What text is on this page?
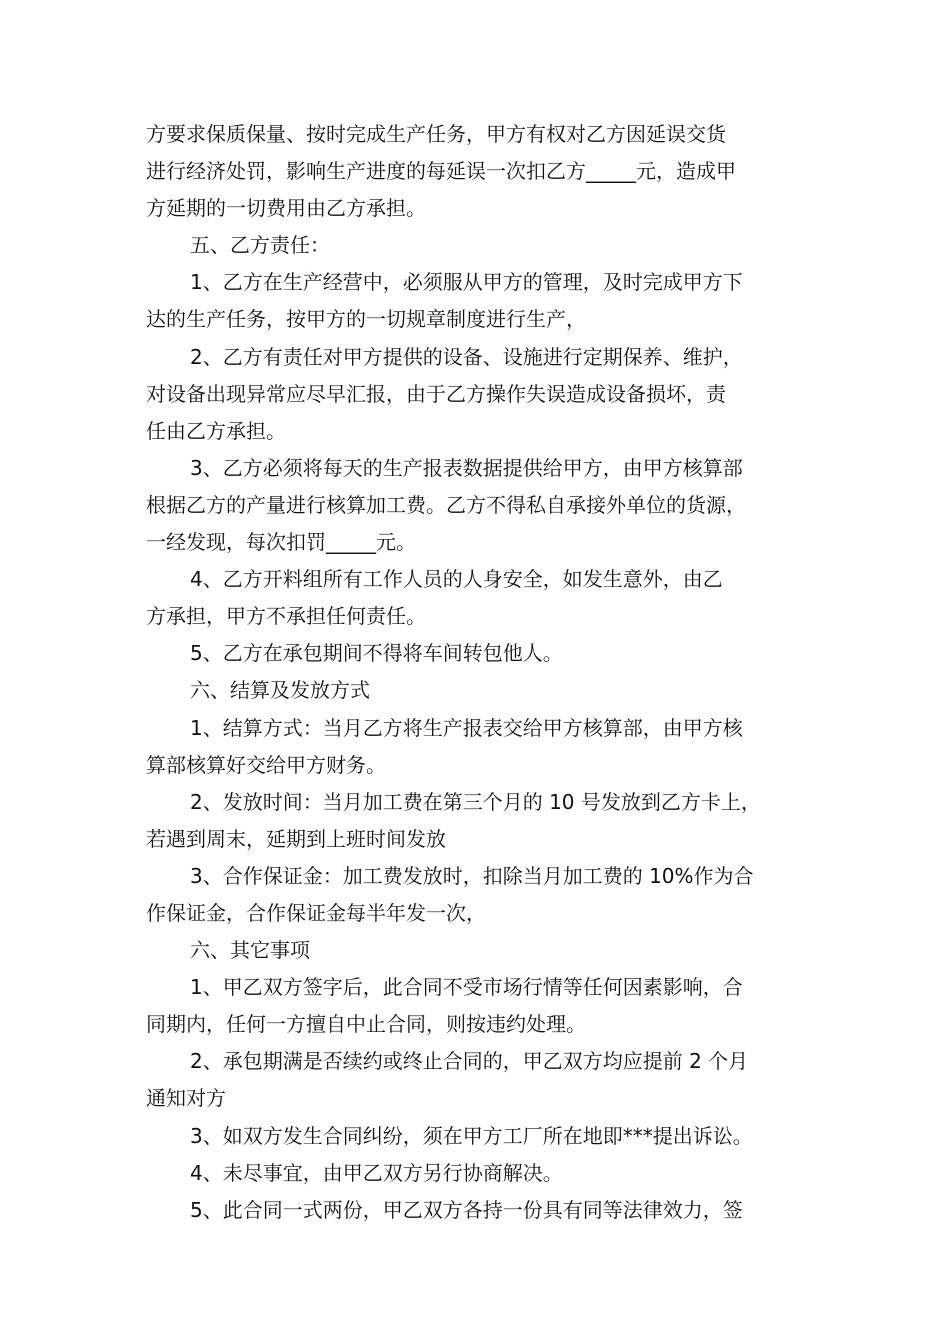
方要求保质保量、按时完成生产任务，甲方有权对乙方因延误交货
进行经济处罚，影响生产进度的每延误一次扣乙方_____元，造成甲
方延期的一切费用由乙方承担。
五、乙方责任：
1、乙方在生产经营中，必须服从甲方的管理，及时完成甲方下
达的生产任务，按甲方的一切规章制度进行生产，
2、乙方有责任对甲方提供的设备、设施进行定期保养、维护，
对设备出现异常应尽早汇报，由于乙方操作失误造成设备损坏，责
任由乙方承担。
3、乙方必须将每天的生产报表数据提供给甲方，由甲方核算部
根据乙方的产量进行核算加工费。乙方不得私自承接外单位的货源，
一经发现，每次扣罚_____元。
4、乙方开料组所有工作人员的人身安全，如发生意外，由乙
方承担，甲方不承担任何责任。
5、乙方在承包期间不得将车间转包他人。
六、结算及发放方式
1、结算方式：当月乙方将生产报表交给甲方核算部，由甲方核
算部核算好交给甲方财务。
2、发放时间：当月加工费在第三个月的 10 号发放到乙方卡上，
若遇到周末，延期到上班时间发放
3、合作保证金：加工费发放时，扣除当月加工费的 10%作为合
作保证金，合作保证金每半年发一次，
六、其它事项
1、甲乙双方签字后，此合同不受市场行情等任何因素影响，合
同期内，任何一方擅自中止合同，则按违约处理。
2、承包期满是否续约或终止合同的，甲乙双方均应提前 2 个月
通知对方
3、如双方发生合同纠纷，须在甲方工厂所在地即***提出诉讼。
4、未尽事宜，由甲乙双方另行协商解决。
5、此合同一式两份，甲乙双方各持一份具有同等法律效力，签
